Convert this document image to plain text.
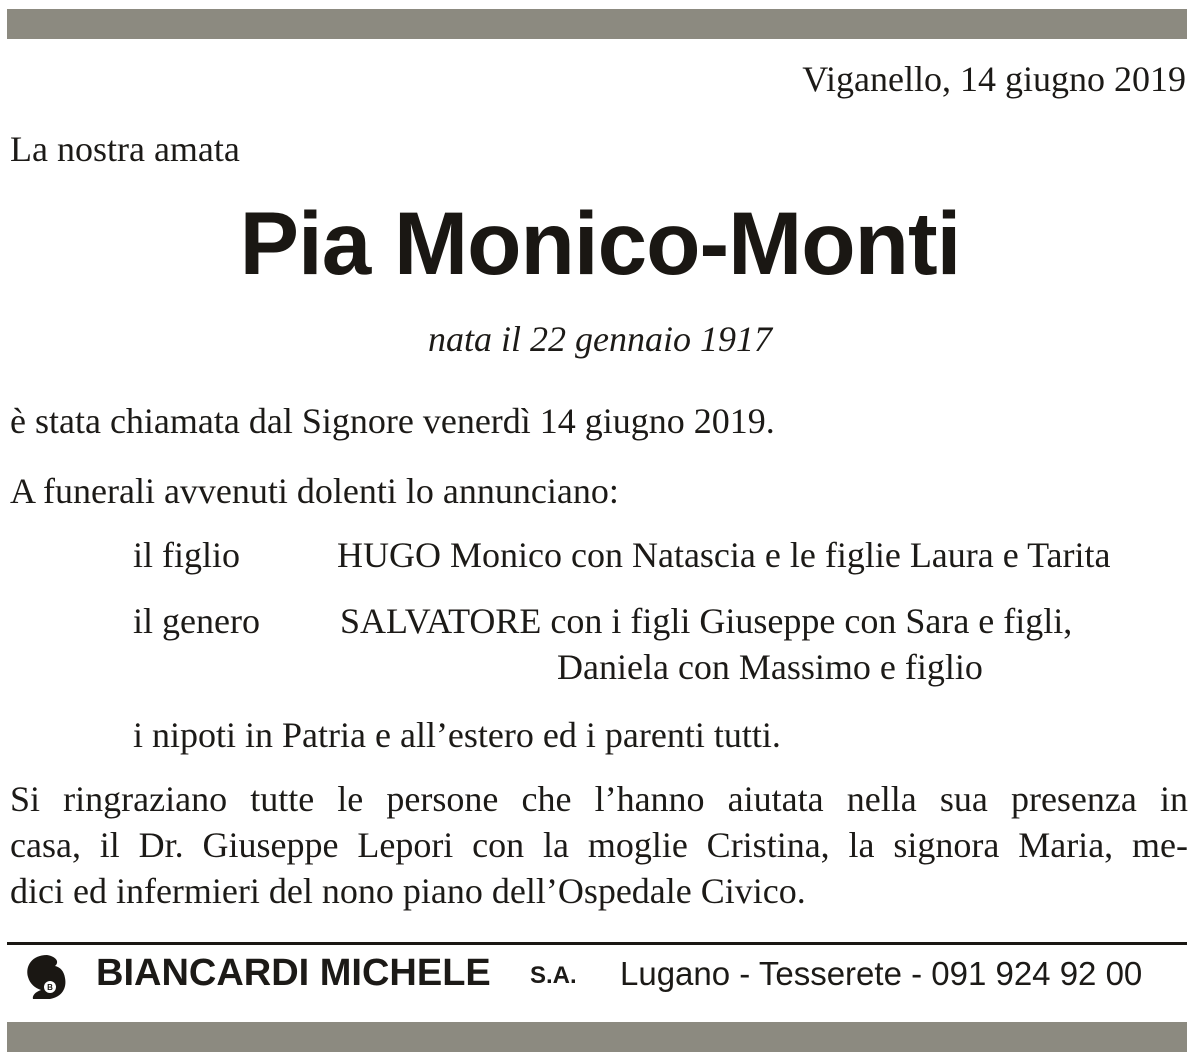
Viganello, 14 giugno 2019
La nostra amata
Pia Monico-Monti
nata il 22 gennaio 1917
è stata chiamata dal Signore venerdì 14 giugno 2019.
A funerali avvenuti dolenti lo annunciano:
il figlio	HUGO Monico con Natascia e le figlie Laura e Tarita
il genero SALVATORE con i figli Giuseppe con Sara e figli,
Daniela con Massimo e figlio
i nipoti in Patria e all’estero ed i parenti tutti.
Si ringraziano tutte le persone che l’hanno aiutata nella sua presenza in
casa, il Dr. Giuseppe Lepori con la moglie Cristina, la signora Maria, me-
dici ed infermieri del nono piano dell’Ospedale Civico.
B BIANCARDI MICHELE S.A. Lugano - Tesserete - 091 924 92 00
